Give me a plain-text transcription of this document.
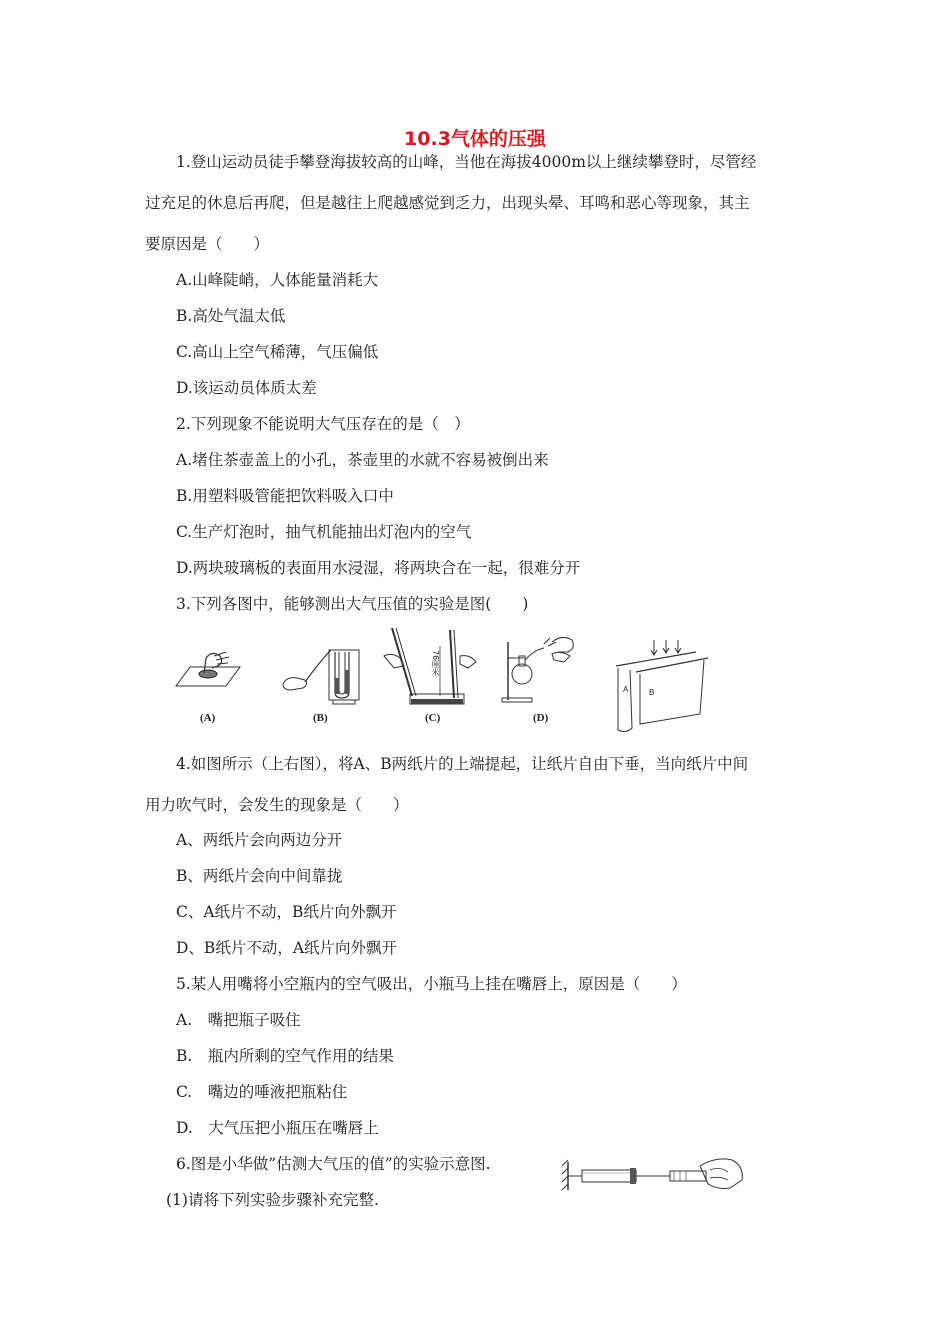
10.3气体的压强
1.登山运动员徒手攀登海拔较高的山峰，当他在海拔4000m以上继续攀登时，尽管经
过充足的休息后再爬，但是越往上爬越感觉到乏力，出现头晕、耳鸣和恶心等现象，其主
要原因是（　　）
A.山峰陡峭，人体能量消耗大
B.高处气温太低
C.高山上空气稀薄，气压偏低
D.该运动员体质太差
2.下列现象不能说明大气压存在的是（　）
A.堵住茶壶盖上的小孔，茶壶里的水就不容易被倒出来
B.用塑料吸管能把饮料吸入口中
C.生产灯泡时，抽气机能抽出灯泡内的空气
D.两块玻璃板的表面用水浸湿，将两块合在一起，很难分开
3.下列各图中，能够测出大气压值的实验是图(　　)
(A)	(B)
76厘米
(C)	(D)
A	B
4.如图所示（上右图），将A、B两纸片的上端提起，让纸片自由下垂，当向纸片中间
用力吹气时，会发生的现象是（　　）
A、两纸片会向两边分开
B、两纸片会向中间靠拢
C、A纸片不动，B纸片向外飘开
D、B纸片不动，A纸片向外飘开
5.某人用嘴将小空瓶内的空气吸出，小瓶马上挂在嘴唇上，原因是（　　）
A.　嘴把瓶子吸住
B.　瓶内所剩的空气作用的结果
C.　嘴边的唾液把瓶粘住
D.　大气压把小瓶压在嘴唇上
6.图是小华做”估测大气压的值”的实验示意图.
(1)请将下列实验步骤补充完整.
